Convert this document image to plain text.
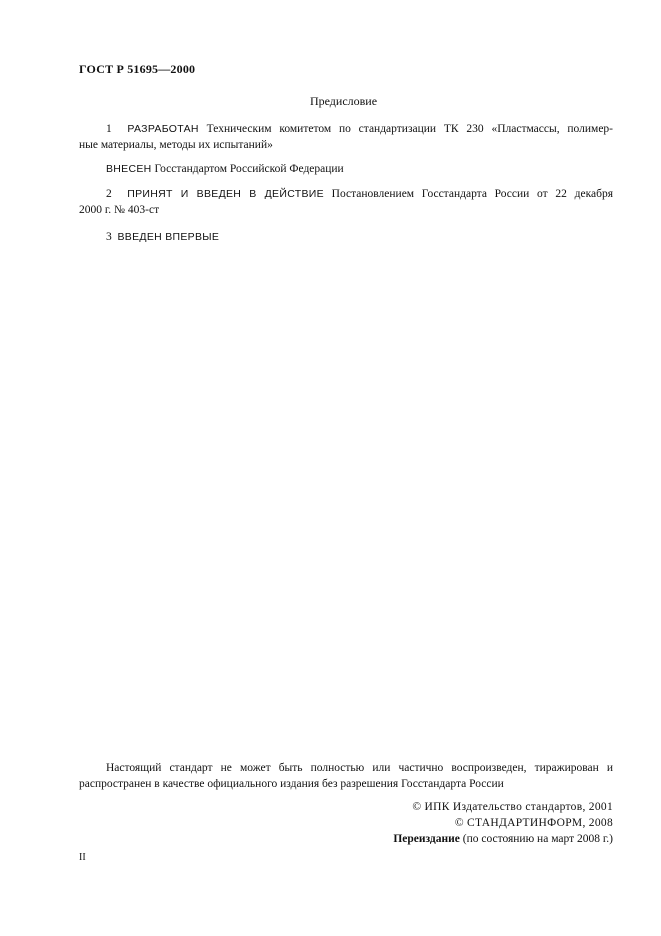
ГОСТ Р 51695—2000
Предисловие
1 РАЗРАБОТАН Техническим комитетом по стандартизации ТК 230 «Пластмассы, полимер-
ные материалы, методы их испытаний»
ВНЕСЕН Госстандартом Российской Федерации
2 ПРИНЯТ И ВВЕДЕН В ДЕЙСТВИЕ Постановлением Госстандарта России от 22 декабря
2000 г. № 403-ст
3 ВВЕДЕН ВПЕРВЫЕ
Настоящий стандарт не может быть полностью или частично воспроизведен, тиражирован и
распространен в качестве официального издания без разрешения Госстандарта России
© ИПК Издательство стандартов, 2001
© СТАНДАРТИНФОРМ, 2008
Переиздание (по состоянию на март 2008 г.)
II
